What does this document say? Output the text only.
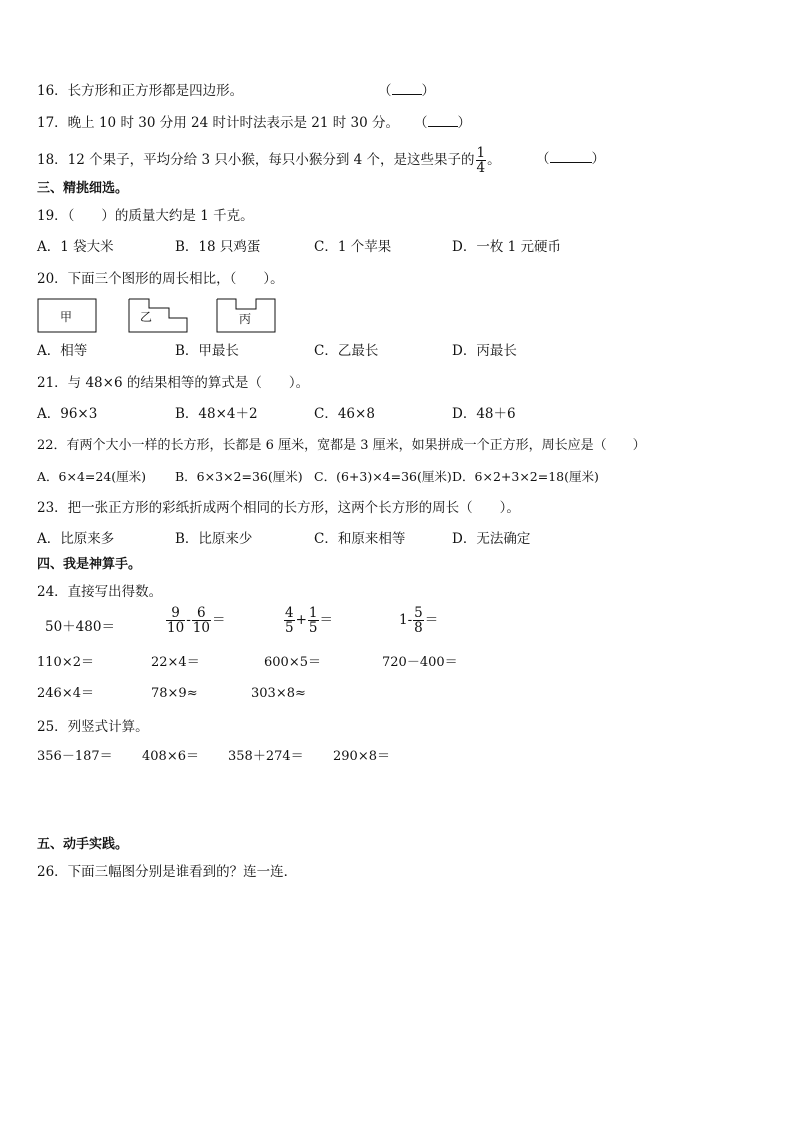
16．长方形和正方形都是四边形。	（ ）
17．晚上 10 时 30 分用 24 时计时法表示是 21 时 30 分。 （ ）
18．12 个果子，平均分给 3 只小猴，每只小猴分到 4 个，是这些果子的 $\frac{1}{4}$ 。	（	）
三、精挑细选。
19．（　　）的质量大约是 1 千克。
A．1 袋大米	B．18 只鸡蛋	C．1 个苹果	D．一枚 1 元硬币
20．下面三个图形的周长相比，（　　）。
甲	乙	丙
A．相等	B．甲最长	C．乙最长	D．丙最长
21．与 48×6 的结果相等的算式是（　　）。
A．96×3	B．48×4＋2	C．46×8	D．48＋6
22．有两个大小一样的长方形，长都是 6 厘米，宽都是 3 厘米，如果拼成一个正方形，周长应是（　　）
A．6×4=24(厘米) B．6×3×2=36(厘米) C．(6+3)×4=36(厘米) D．6×2+3×2=18(厘米)
23．把一张正方形的彩纸折成两个相同的长方形，这两个长方形的周长（　　）。
A．比原来多	B．比原来少	C．和原来相等	D．无法确定
四、我是神算手。
24．直接写出得数。
50＋480＝	$\frac{9}{10} - \frac{6}{10}$ ＝	$\frac{4}{5} + \frac{1}{5}$ ＝	$1- \frac{5}{8}$ ＝
110×2＝	22×4＝	600×5＝	720－400＝
246×4＝	78×9≈	303×8≈
25．列竖式计算。
356－187＝ 408×6＝ 358＋274＝ 290×8＝
五、动手实践。
26．下面三幅图分别是谁看到的？连一连．
